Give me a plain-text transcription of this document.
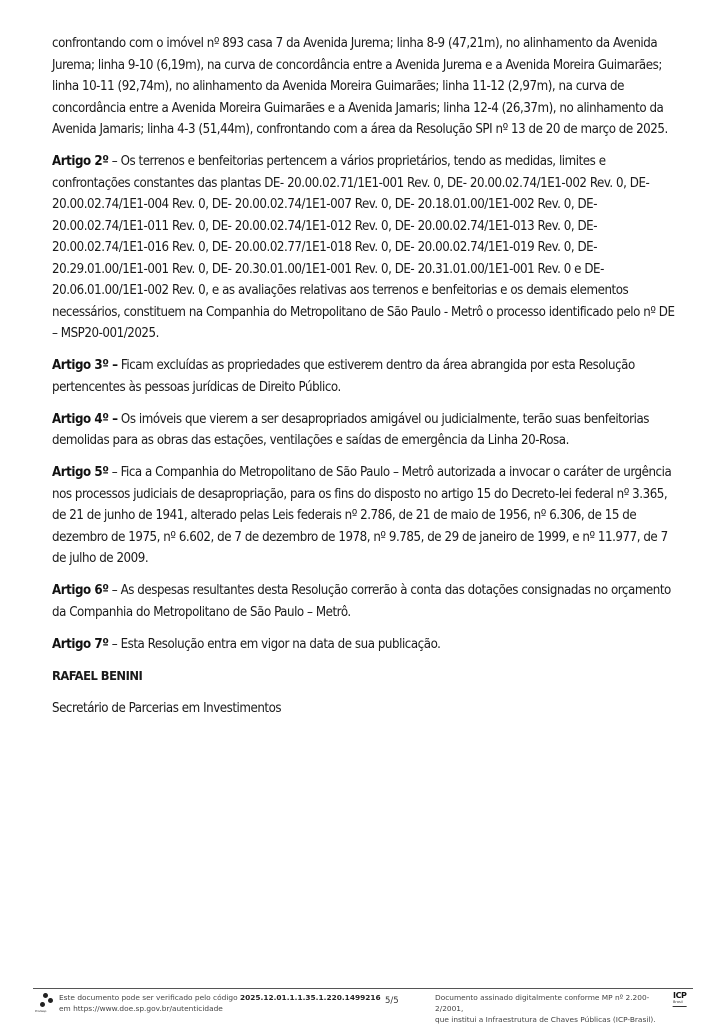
confrontando com o imóvel nº 893 casa 7 da Avenida Jurema; linha 8-9 (47,21m), no alinhamento da Avenida Jurema; linha 9-10 (6,19m), na curva de concordância entre a Avenida Jurema e a Avenida Moreira Guimarães; linha 10-11 (92,74m), no alinhamento da Avenida Moreira Guimarães; linha 11-12 (2,97m), na curva de concordância entre a Avenida Moreira Guimarães e a Avenida Jamaris; linha 12-4 (26,37m), no alinhamento da Avenida Jamaris; linha 4-3 (51,44m), confrontando com a área da Resolução SPI nº 13 de 20 de março de 2025.

Artigo 2º – Os terrenos e benfeitorias pertencem a vários proprietários, tendo as medidas, limites e confrontações constantes das plantas DE- 20.00.02.71/1E1-001 Rev. 0, DE- 20.00.02.74/1E1-002 Rev. 0, DE- 20.00.02.74/1E1-004 Rev. 0, DE- 20.00.02.74/1E1-007 Rev. 0, DE- 20.18.01.00/1E1-002 Rev. 0, DE- 20.00.02.74/1E1-011 Rev. 0, DE- 20.00.02.74/1E1-012 Rev. 0, DE- 20.00.02.74/1E1-013 Rev. 0, DE- 20.00.02.74/1E1-016 Rev. 0, DE- 20.00.02.77/1E1-018 Rev. 0, DE- 20.00.02.74/1E1-019 Rev. 0, DE- 20.29.01.00/1E1-001 Rev. 0, DE- 20.30.01.00/1E1-001 Rev. 0, DE- 20.31.01.00/1E1-001 Rev. 0 e DE- 20.06.01.00/1E1-002 Rev. 0, e as avaliações relativas aos terrenos e benfeitorias e os demais elementos necessários, constituem na Companhia do Metropolitano de São Paulo - Metrô o processo identificado pelo nº DE – MSP20-001/2025.

Artigo 3º – Ficam excluídas as propriedades que estiverem dentro da área abrangida por esta Resolução pertencentes às pessoas jurídicas de Direito Público.

Artigo 4º – Os imóveis que vierem a ser desapropriados amigável ou judicialmente, terão suas benfeitorias demolidas para as obras das estações, ventilações e saídas de emergência da Linha 20-Rosa.

Artigo 5º – Fica a Companhia do Metropolitano de São Paulo – Metrô autorizada a invocar o caráter de urgência nos processos judiciais de desapropriação, para os fins do disposto no artigo 15 do Decreto-lei federal nº 3.365, de 21 de junho de 1941, alterado pelas Leis federais nº 2.786, de 21 de maio de 1956, nº 6.306, de 15 de dezembro de 1975, nº 6.602, de 7 de dezembro de 1978, nº 9.785, de 29 de janeiro de 1999, e nº 11.977, de 7 de julho de 2009.

Artigo 6º – As despesas resultantes desta Resolução correrão à conta das dotações consignadas no orçamento da Companhia do Metropolitano de São Paulo – Metrô.

Artigo 7º – Esta Resolução entra em vigor na data de sua publicação.

RAFAEL BENINI

Secretário de Parcerias em Investimentos

Prodesp
Este documento pode ser verificado pelo código 2025.12.01.1.1.35.1.220.1499216
em https://www.doe.sp.gov.br/autenticidade
5/5	Documento assinado digitalmente conforme MP nº 2.200-2/2001,
que institui a Infraestrutura de Chaves Públicas (ICP-Brasil).
ICP
Brasil
